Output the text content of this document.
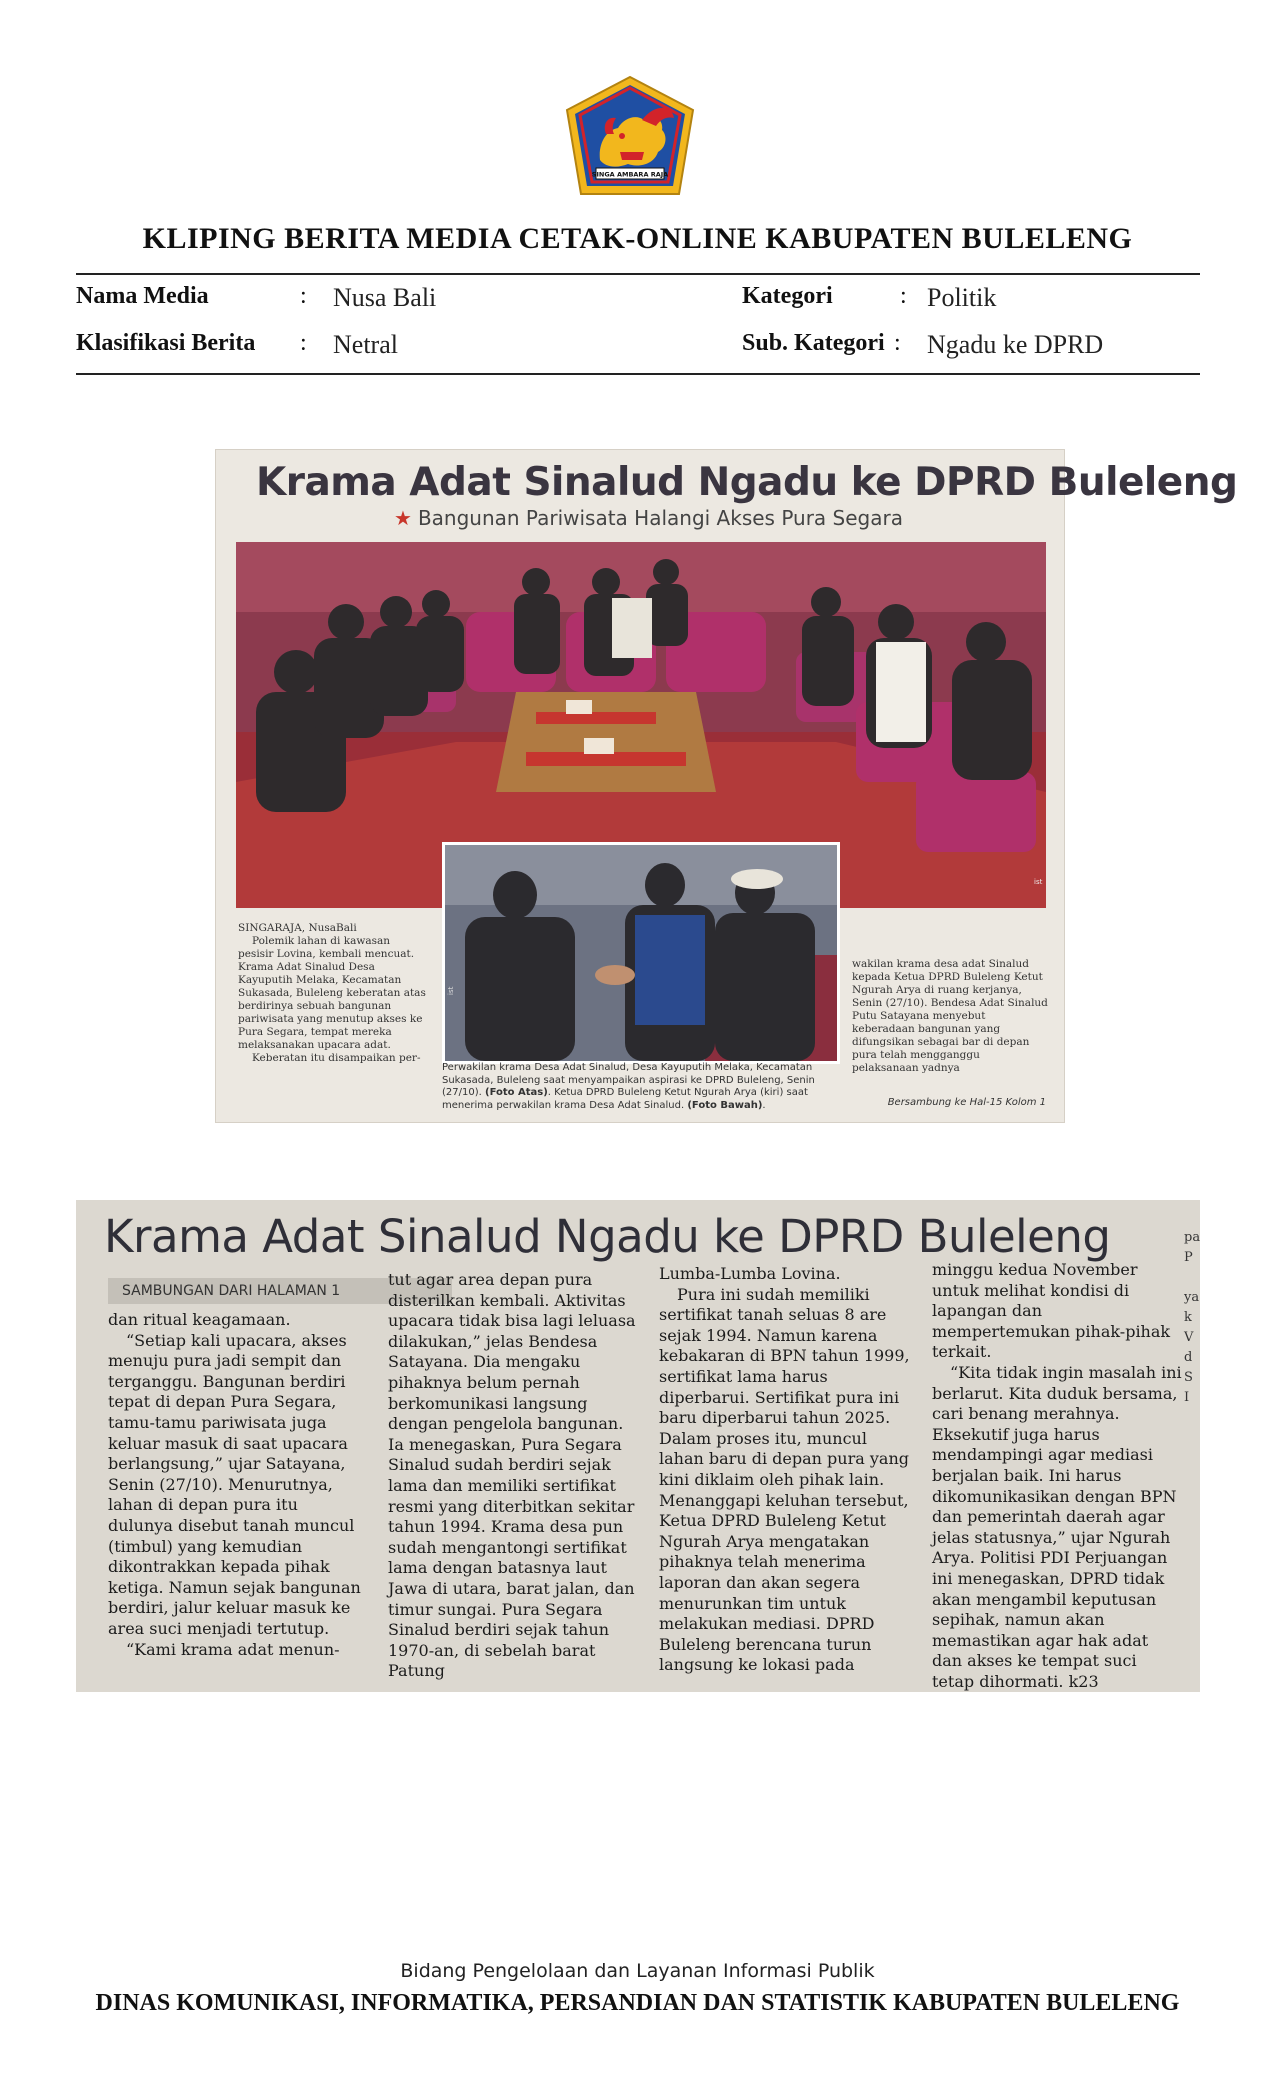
SINGA AMBARA RAJA
KLIPING BERITA MEDIA CETAK-ONLINE KABUPATEN BULELENG
Nama Media	: Nusa Bali	Kategori	: Politik
Klasifikasi Berita : Netral	Sub. Kategori : Ngadu ke DPRD
Krama Adat Sinalud Ngadu ke DPRD Buleleng
★ Bangunan Pariwisata Halangi Akses Pura Segara
ist
SINGARAJA, NusaBali
Polemik lahan di kawasan pesisir Lovina, kembali mencuat. Krama Adat Sinalud Desa Kayuputih Melaka, Kecamatan Sukasada, Buleleng keberatan atas berdirinya sebuah bangunan pariwisata yang menutup akses ke Pura Segara, tempat mereka melaksanakan upacara adat.
Keberatan itu disampaikan per-
ist
Perwakilan krama Desa Adat Sinalud, Desa Kayuputih Melaka, Kecamatan Sukasada, Buleleng saat menyampaikan aspirasi ke DPRD Buleleng, Senin (27/10). (Foto Atas). Ketua DPRD Buleleng Ketut Ngurah Arya (kiri) saat menerima perwakilan krama Desa Adat Sinalud. (Foto Bawah).
wakilan krama desa adat Sinalud kepada Ketua DPRD Buleleng Ketut Ngurah Arya di ruang kerjanya, Senin (27/10). Bendesa Adat Sinalud Putu Satayana menyebut keberadaan bangunan yang difungsikan sebagai bar di depan pura telah mengganggu pelaksanaan yadnya
Bersambung ke Hal-15 Kolom 1
Krama Adat Sinalud Ngadu ke DPRD Buleleng
SAMBUNGAN DARI HALAMAN 1

dan ritual keagamaan.

“Setiap kali upacara, akses menuju pura jadi sempit dan terganggu. Bangunan berdiri tepat di depan Pura Segara, tamu-tamu pariwisata juga keluar masuk di saat upacara berlangsung,” ujar Satayana, Senin (27/10). Menurutnya, lahan di depan pura itu dulunya disebut tanah muncul (timbul) yang kemudian dikontrakkan kepada pihak ketiga. Namun sejak bangunan berdiri, jalur keluar masuk ke area suci menjadi tertutup.

“Kami krama adat menun-

tut agar area depan pura disterilkan kembali. Aktivitas upacara tidak bisa lagi leluasa dilakukan,” jelas Bendesa Satayana. Dia mengaku pihaknya belum pernah berkomunikasi langsung dengan pengelola bangunan. Ia menegaskan, Pura Segara Sinalud sudah berdiri sejak lama dan memiliki sertifikat resmi yang diterbitkan sekitar tahun 1994. Krama desa pun sudah mengantongi sertifikat lama dengan batasnya laut Jawa di utara, barat jalan, dan timur sungai. Pura Segara Sinalud berdiri sejak tahun 1970-an, di sebelah barat Patung

Lumba-Lumba Lovina.

Pura ini sudah memiliki sertifikat tanah seluas 8 are sejak 1994. Namun karena kebakaran di BPN tahun 1999, sertifikat lama harus diperbarui. Sertifikat pura ini baru diperbarui tahun 2025. Dalam proses itu, muncul lahan baru di depan pura yang kini diklaim oleh pihak lain. Menanggapi keluhan tersebut, Ketua DPRD Buleleng Ketut Ngurah Arya mengatakan pihaknya telah menerima laporan dan akan segera menurunkan tim untuk melakukan mediasi. DPRD Buleleng berencana turun langsung ke lokasi pada

minggu kedua November untuk melihat kondisi di lapangan dan mempertemukan pihak-pihak terkait.

“Kita tidak ingin masalah ini berlarut. Kita duduk bersama, cari benang merahnya. Eksekutif juga harus mendampingi agar mediasi berjalan baik. Ini harus dikomunikasikan dengan BPN dan pemerintah daerah agar jelas statusnya,” ujar Ngurah Arya. Politisi PDI Perjuangan ini menegaskan, DPRD tidak akan mengambil keputusan sepihak, namun akan memastikan agar hak adat dan akses ke tempat suci tetap dihormati. k23

pa
P

ya
k
V
d
S
I
Bidang Pengelolaan dan Layanan Informasi Publik
DINAS KOMUNIKASI, INFORMATIKA, PERSANDIAN DAN STATISTIK KABUPATEN BULELENG
